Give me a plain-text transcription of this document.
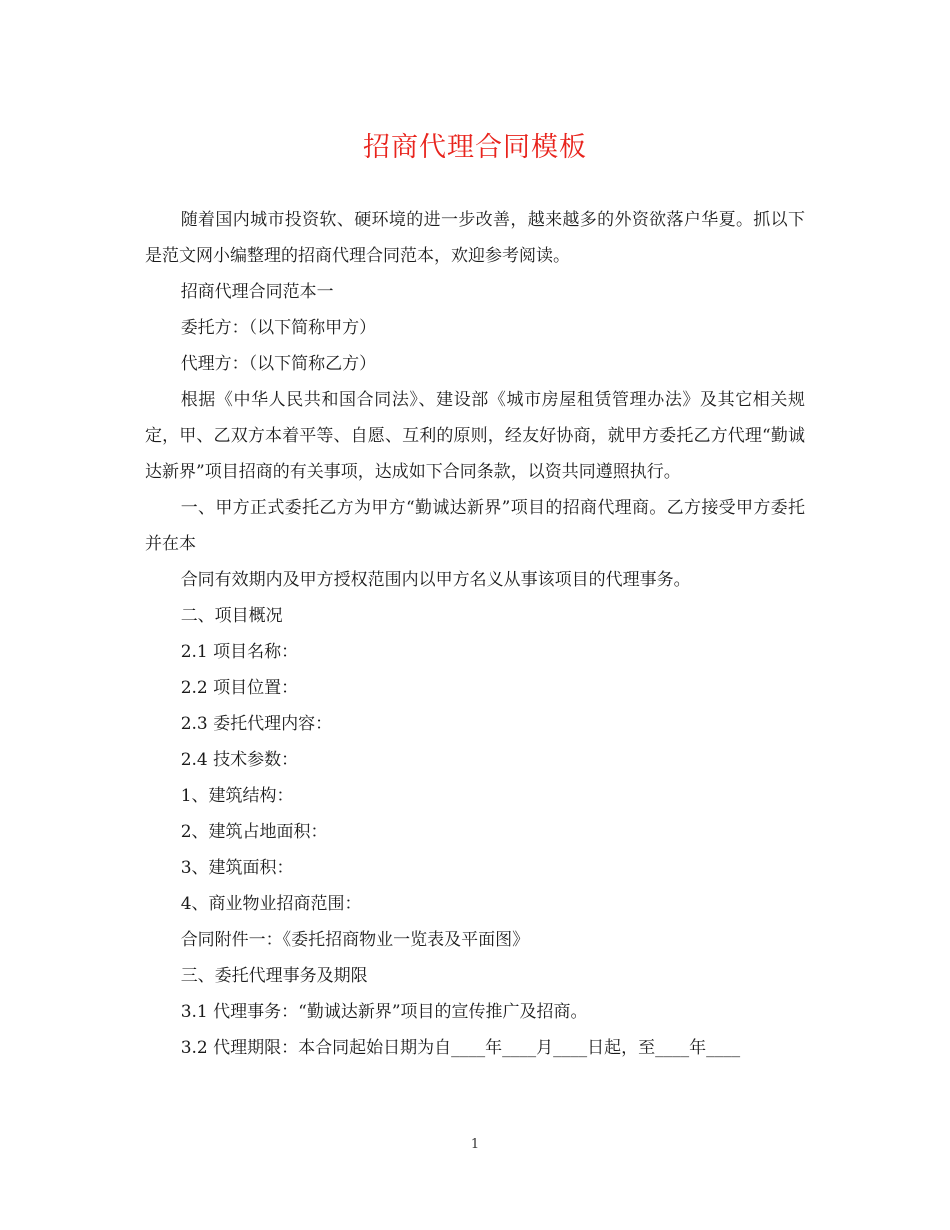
招商代理合同模板

随着国内城市投资软、硬环境的进一步改善，越来越多的外资欲落户华夏。抓以下是范文网小编整理的招商代理合同范本，欢迎参考阅读。

招商代理合同范本一

委托方：（以下简称甲方）

代理方：（以下简称乙方）

根据《中华人民共和国合同法》、建设部《城市房屋租赁管理办法》及其它相关规定，甲、乙双方本着平等、自愿、互利的原则，经友好协商，就甲方委托乙方代理“勤诚达新界”项目招商的有关事项，达成如下合同条款，以资共同遵照执行。

一、甲方正式委托乙方为甲方“勤诚达新界”项目的招商代理商。乙方接受甲方委托并在本

合同有效期内及甲方授权范围内以甲方名义从事该项目的代理事务。

二、项目概况

2.1 项目名称：

2.2 项目位置：

2.3 委托代理内容：

2.4 技术参数：

1、建筑结构：

2、建筑占地面积：

3、建筑面积：

4、商业物业招商范围：

合同附件一：《委托招商物业一览表及平面图》

三、委托代理事务及期限

3.1 代理事务：“勤诚达新界”项目的宣传推广及招商。

3.2 代理期限：本合同起始日期为自____年____月____日起，至____年____

1
